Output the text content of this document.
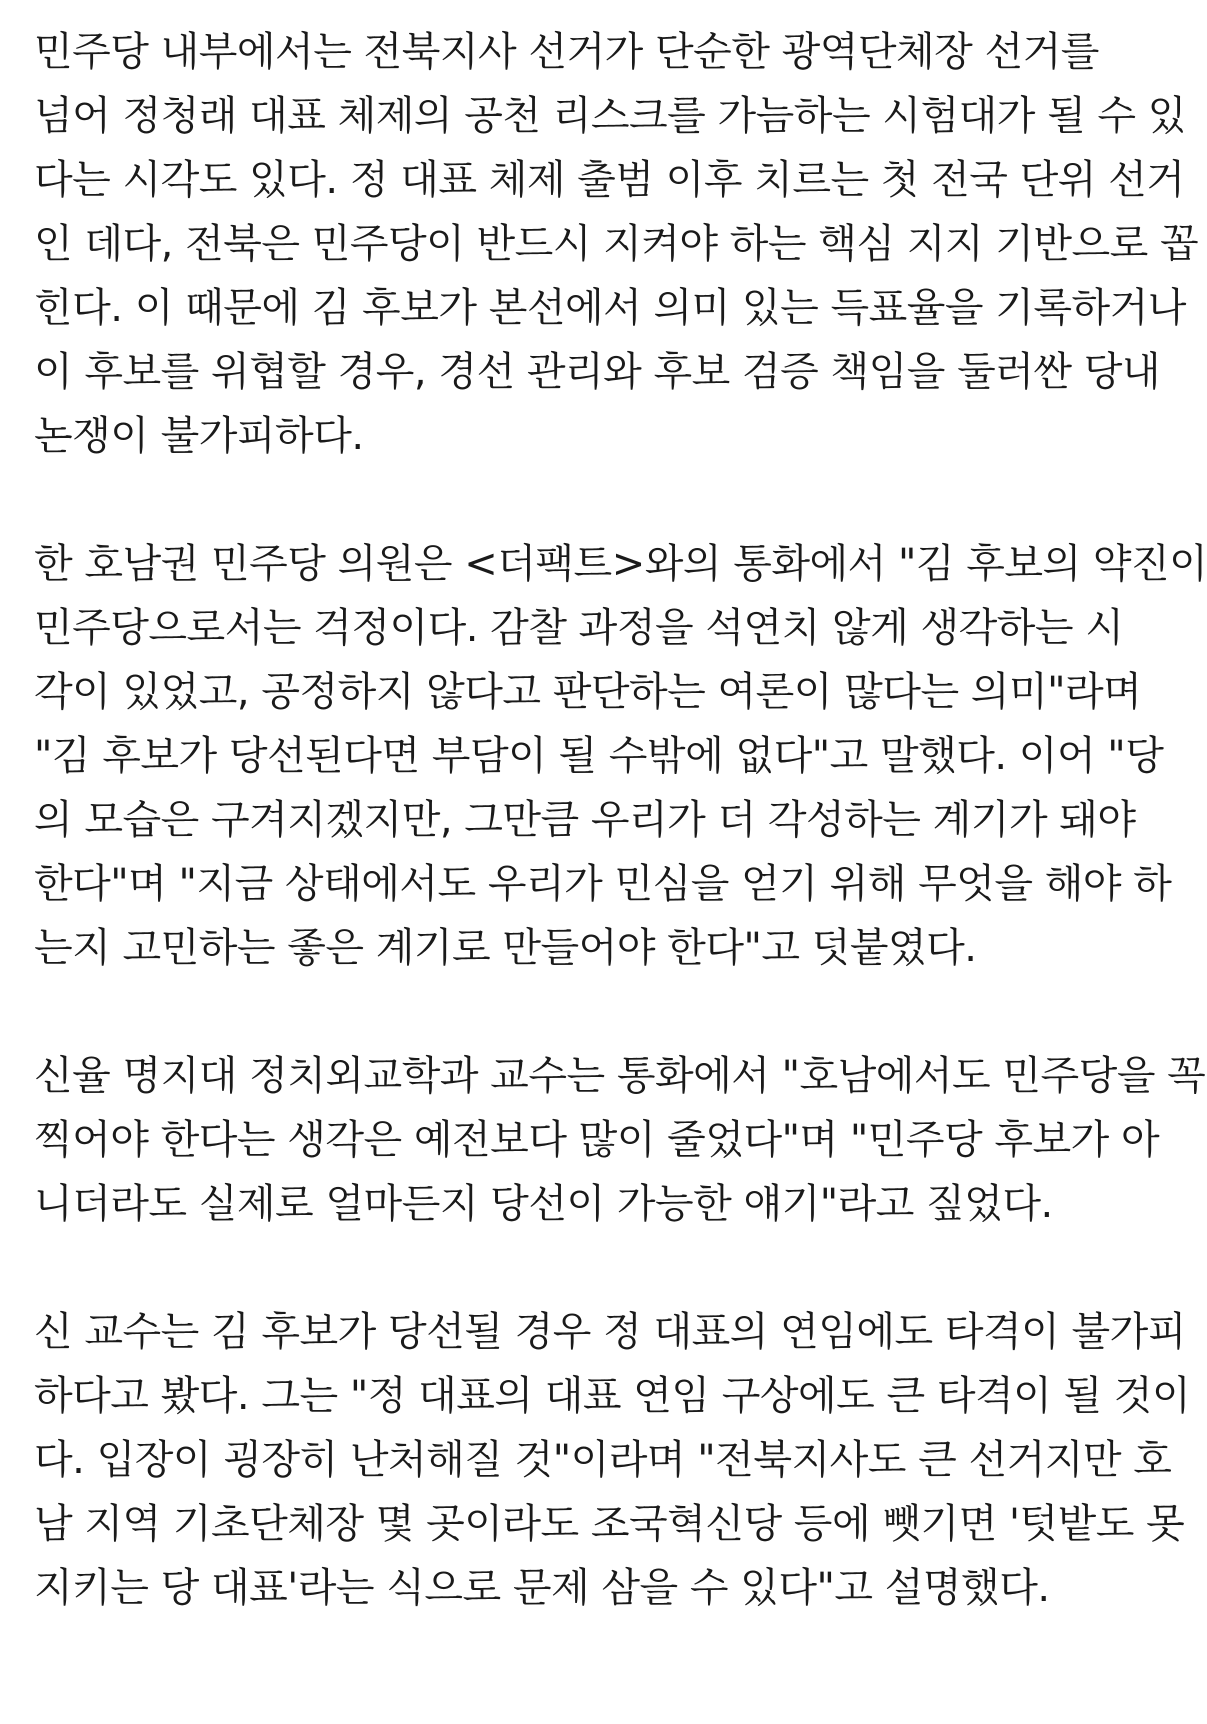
민주당 내부에서는 전북지사 선거가 단순한 광역단체장 선거를
넘어 정청래 대표 체제의 공천 리스크를 가늠하는 시험대가 될 수 있
다는 시각도 있다. 정 대표 체제 출범 이후 치르는 첫 전국 단위 선거
인 데다, 전북은 민주당이 반드시 지켜야 하는 핵심 지지 기반으로 꼽
힌다. 이 때문에 김 후보가 본선에서 의미 있는 득표율을 기록하거나
이 후보를 위협할 경우, 경선 관리와 후보 검증 책임을 둘러싼 당내
논쟁이 불가피하다.
한 호남권 민주당 의원은 <더팩트>와의 통화에서 "김 후보의 약진이
민주당으로서는 걱정이다. 감찰 과정을 석연치 않게 생각하는 시
각이 있었고, 공정하지 않다고 판단하는 여론이 많다는 의미"라며
"김 후보가 당선된다면 부담이 될 수밖에 없다"고 말했다. 이어 "당
의 모습은 구겨지겠지만, 그만큼 우리가 더 각성하는 계기가 돼야
한다"며 "지금 상태에서도 우리가 민심을 얻기 위해 무엇을 해야 하
는지 고민하는 좋은 계기로 만들어야 한다"고 덧붙였다.
신율 명지대 정치외교학과 교수는 통화에서 "호남에서도 민주당을 꼭
찍어야 한다는 생각은 예전보다 많이 줄었다"며 "민주당 후보가 아
니더라도 실제로 얼마든지 당선이 가능한 얘기"라고 짚었다.
신 교수는 김 후보가 당선될 경우 정 대표의 연임에도 타격이 불가피
하다고 봤다. 그는 "정 대표의 대표 연임 구상에도 큰 타격이 될 것이
다. 입장이 굉장히 난처해질 것"이라며 "전북지사도 큰 선거지만 호
남 지역 기초단체장 몇 곳이라도 조국혁신당 등에 뺏기면 '텃밭도 못
지키는 당 대표'라는 식으로 문제 삼을 수 있다"고 설명했다.
